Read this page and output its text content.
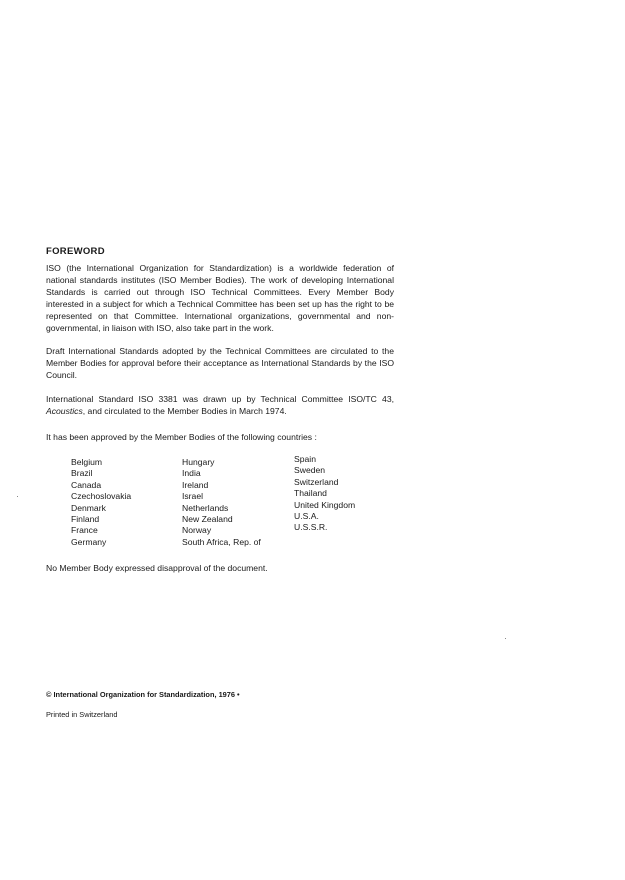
FOREWORD
ISO (the International Organization for Standardization) is a worldwide federation of national standards institutes (ISO Member Bodies). The work of developing International Standards is carried out through ISO Technical Committees. Every Member Body interested in a subject for which a Technical Committee has been set up has the right to be represented on that Committee. International organizations, governmental and non-governmental, in liaison with ISO, also take part in the work.
Draft International Standards adopted by the Technical Committees are circulated to the Member Bodies for approval before their acceptance as International Standards by the ISO Council.
International Standard ISO 3381 was drawn up by Technical Committee ISO/TC 43, Acoustics, and circulated to the Member Bodies in March 1974.
It has been approved by the Member Bodies of the following countries :
Belgium
Brazil
Canada
Czechoslovakia
Denmark
Finland
France
Germany
Hungary
India
Ireland
Israel
Netherlands
New Zealand
Norway
South Africa, Rep. of
Spain
Sweden
Switzerland
Thailand
United Kingdom
U.S.A.
U.S.S.R.
No Member Body expressed disapproval of the document.
© International Organization for Standardization, 1976 •
Printed in Switzerland
